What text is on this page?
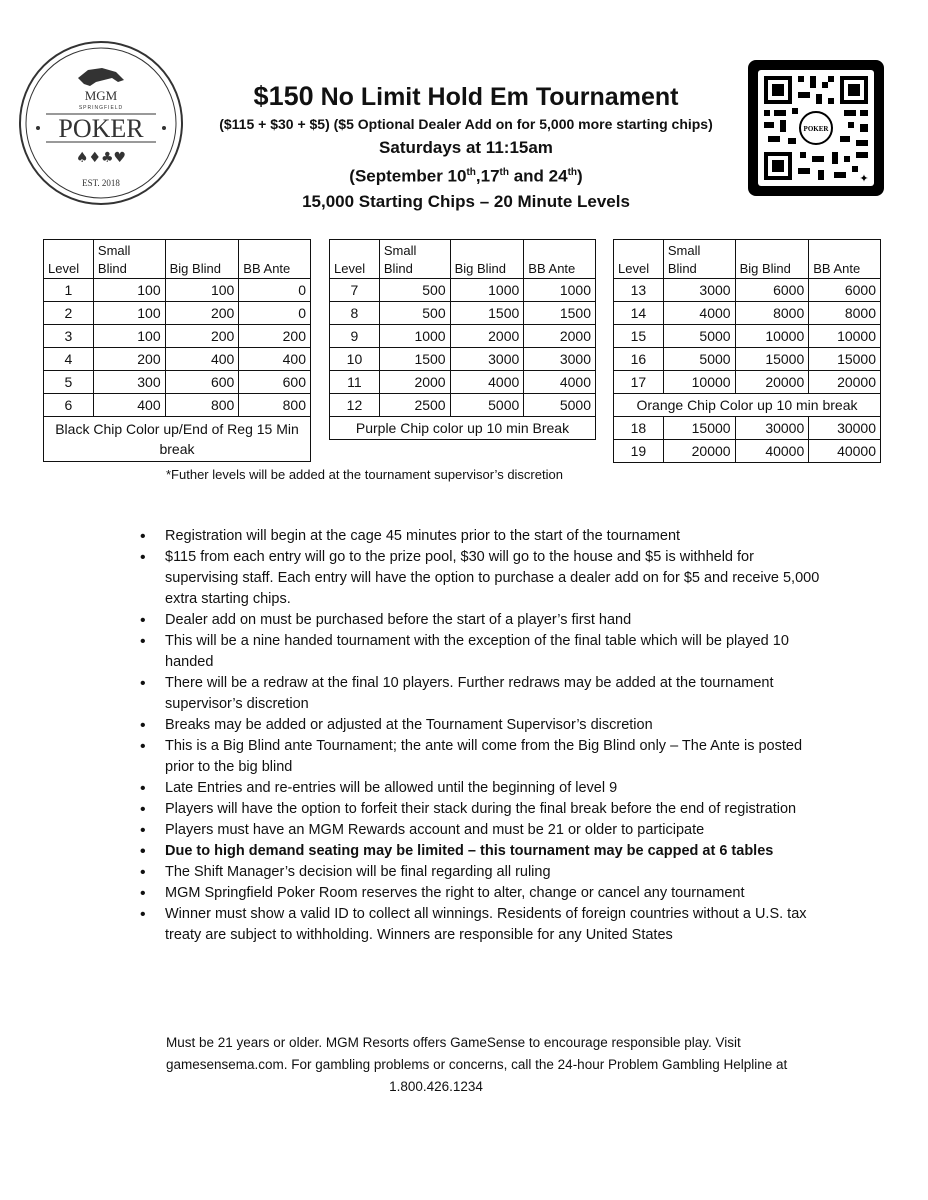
MGM
SPRINGFIELD
POKER
♠♦♣♥
EST. 2018
POKER
✦
$150 No Limit Hold Em Tournament
($115 + $30 + $5) ($5 Optional Dealer Add on for 5,000 more starting chips)
Saturdays at 11:15am
(September 10th,17th and 24th)
15,000 Starting Chips – 20 Minute Levels
Level	Small Blind	Big Blind	BB Ante
1	100	100	0
2	100	200	0
3	100	200	200
4	200	400	400
5	300	600	600
6	400	800	800
Black Chip Color up/End of Reg 15 Min break			
Level	Small Blind	Big Blind	BB Ante
7	500	1000	1000
8	500	1500	1500
9	1000	2000	2000
10	1500	3000	3000
11	2000	4000	4000
12	2500	5000	5000
Purple Chip color up 10 min Break			
Level	Small Blind	Big Blind	BB Ante
13	3000	6000	6000
14	4000	8000	8000
15	5000	10000	10000
16	5000	15000	15000
17	10000	20000	20000
Orange Chip Color up 10 min break			
18	15000	30000	30000
19	20000	40000	40000
*Futher levels will be added at the tournament supervisor’s discretion
• Registration will begin at the cage 45 minutes prior to the start of the tournament
• $115 from each entry will go to the prize pool, $30 will go to the house and $5 is withheld for supervising staff. Each entry will have the option to purchase a dealer add on for $5 and receive 5,000 extra starting chips.
• Dealer add on must be purchased before the start of a player’s first hand
• This will be a nine handed tournament with the exception of the final table which will be played 10 handed
• There will be a redraw at the final 10 players. Further redraws may be added at the tournament supervisor’s discretion
• Breaks may be added or adjusted at the Tournament Supervisor’s discretion
• This is a Big Blind ante Tournament; the ante will come from the Big Blind only – The Ante is posted prior to the big blind
• Late Entries and re-entries will be allowed until the beginning of level 9
• Players will have the option to forfeit their stack during the final break before the end of registration
• Players must have an MGM Rewards account and must be 21 or older to participate
• Due to high demand seating may be limited – this tournament may be capped at 6 tables
• The Shift Manager’s decision will be final regarding all ruling
• MGM Springfield Poker Room reserves the right to alter, change or cancel any tournament
• Winner must show a valid ID to collect all winnings. Residents of foreign countries without a U.S. tax treaty are subject to withholding. Winners are responsible for any United States
Must be 21 years or older. MGM Resorts offers GameSense to encourage responsible play. Visit gamesensema.com. For gambling problems or concerns, call the 24-hour Problem Gambling Helpline at
1.800.426.1234
